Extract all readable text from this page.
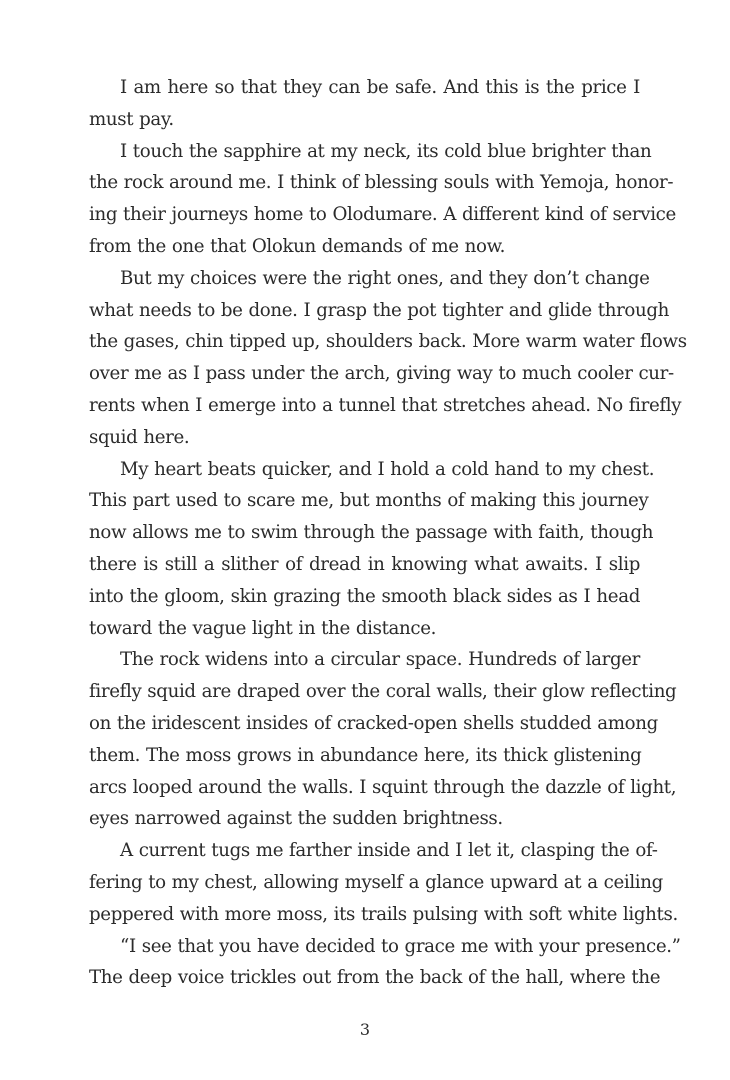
I am here so that they can be safe. And this is the price I
must pay.
I touch the sapphire at my neck, its cold blue brighter than
the rock around me. I think of blessing souls with Yemoja, honor-
ing their journeys home to Olodumare. A different kind of service
from the one that Olokun demands of me now.
But my choices were the right ones, and they don’t change
what needs to be done. I grasp the pot tighter and glide through
the gases, chin tipped up, shoulders back. More warm water flows
over me as I pass under the arch, giving way to much cooler cur-
rents when I emerge into a tunnel that stretches ahead. No firefly
squid here.
My heart beats quicker, and I hold a cold hand to my chest.
This part used to scare me, but months of making this journey
now allows me to swim through the passage with faith, though
there is still a slither of dread in knowing what awaits. I slip
into the gloom, skin grazing the smooth black sides as I head
toward the vague light in the distance.
The rock widens into a circular space. Hundreds of larger
firefly squid are draped over the coral walls, their glow reflecting
on the iridescent insides of cracked-open shells studded among
them. The moss grows in abundance here, its thick glistening
arcs looped around the walls. I squint through the dazzle of light,
eyes narrowed against the sudden brightness.
A current tugs me farther inside and I let it, clasping the of-
fering to my chest, allowing myself a glance upward at a ceiling
peppered with more moss, its trails pulsing with soft white lights.
“I see that you have decided to grace me with your presence.”
The deep voice trickles out from the back of the hall, where the
3
